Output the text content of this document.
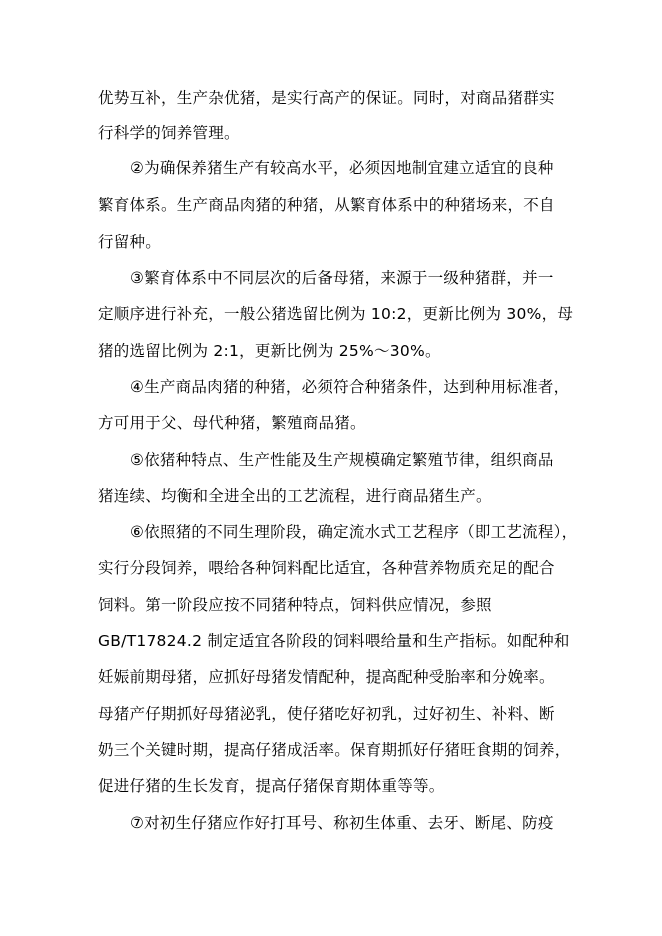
优势互补，生产杂优猪，是实行高产的保证。同时，对商品猪群实
行科学的饲养管理。
②为确保养猪生产有较高水平，必须因地制宜建立适宜的良种
繁育体系。生产商品肉猪的种猪，从繁育体系中的种猪场来，不自
行留种。
③繁育体系中不同层次的后备母猪，来源于一级种猪群，并一
定顺序进行补充，一般公猪选留比例为 10:2，更新比例为 30%，母
猪的选留比例为 2:1，更新比例为 25%～30%。
④生产商品肉猪的种猪，必须符合种猪条件，达到种用标准者，
方可用于父、母代种猪，繁殖商品猪。
⑤依猪种特点、生产性能及生产规模确定繁殖节律，组织商品
猪连续、均衡和全进全出的工艺流程，进行商品猪生产。
⑥依照猪的不同生理阶段，确定流水式工艺程序（即工艺流程），
实行分段饲养，喂给各种饲料配比适宜，各种营养物质充足的配合
饲料。第一阶段应按不同猪种特点，饲料供应情况，参照
GB/T17824.2 制定适宜各阶段的饲料喂给量和生产指标。如配种和
妊娠前期母猪，应抓好母猪发情配种，提高配种受胎率和分娩率。
母猪产仔期抓好母猪泌乳，使仔猪吃好初乳，过好初生、补料、断
奶三个关键时期，提高仔猪成活率。保育期抓好仔猪旺食期的饲养，
促进仔猪的生长发育，提高仔猪保育期体重等等。
⑦对初生仔猪应作好打耳号、称初生体重、去牙、断尾、防疫
